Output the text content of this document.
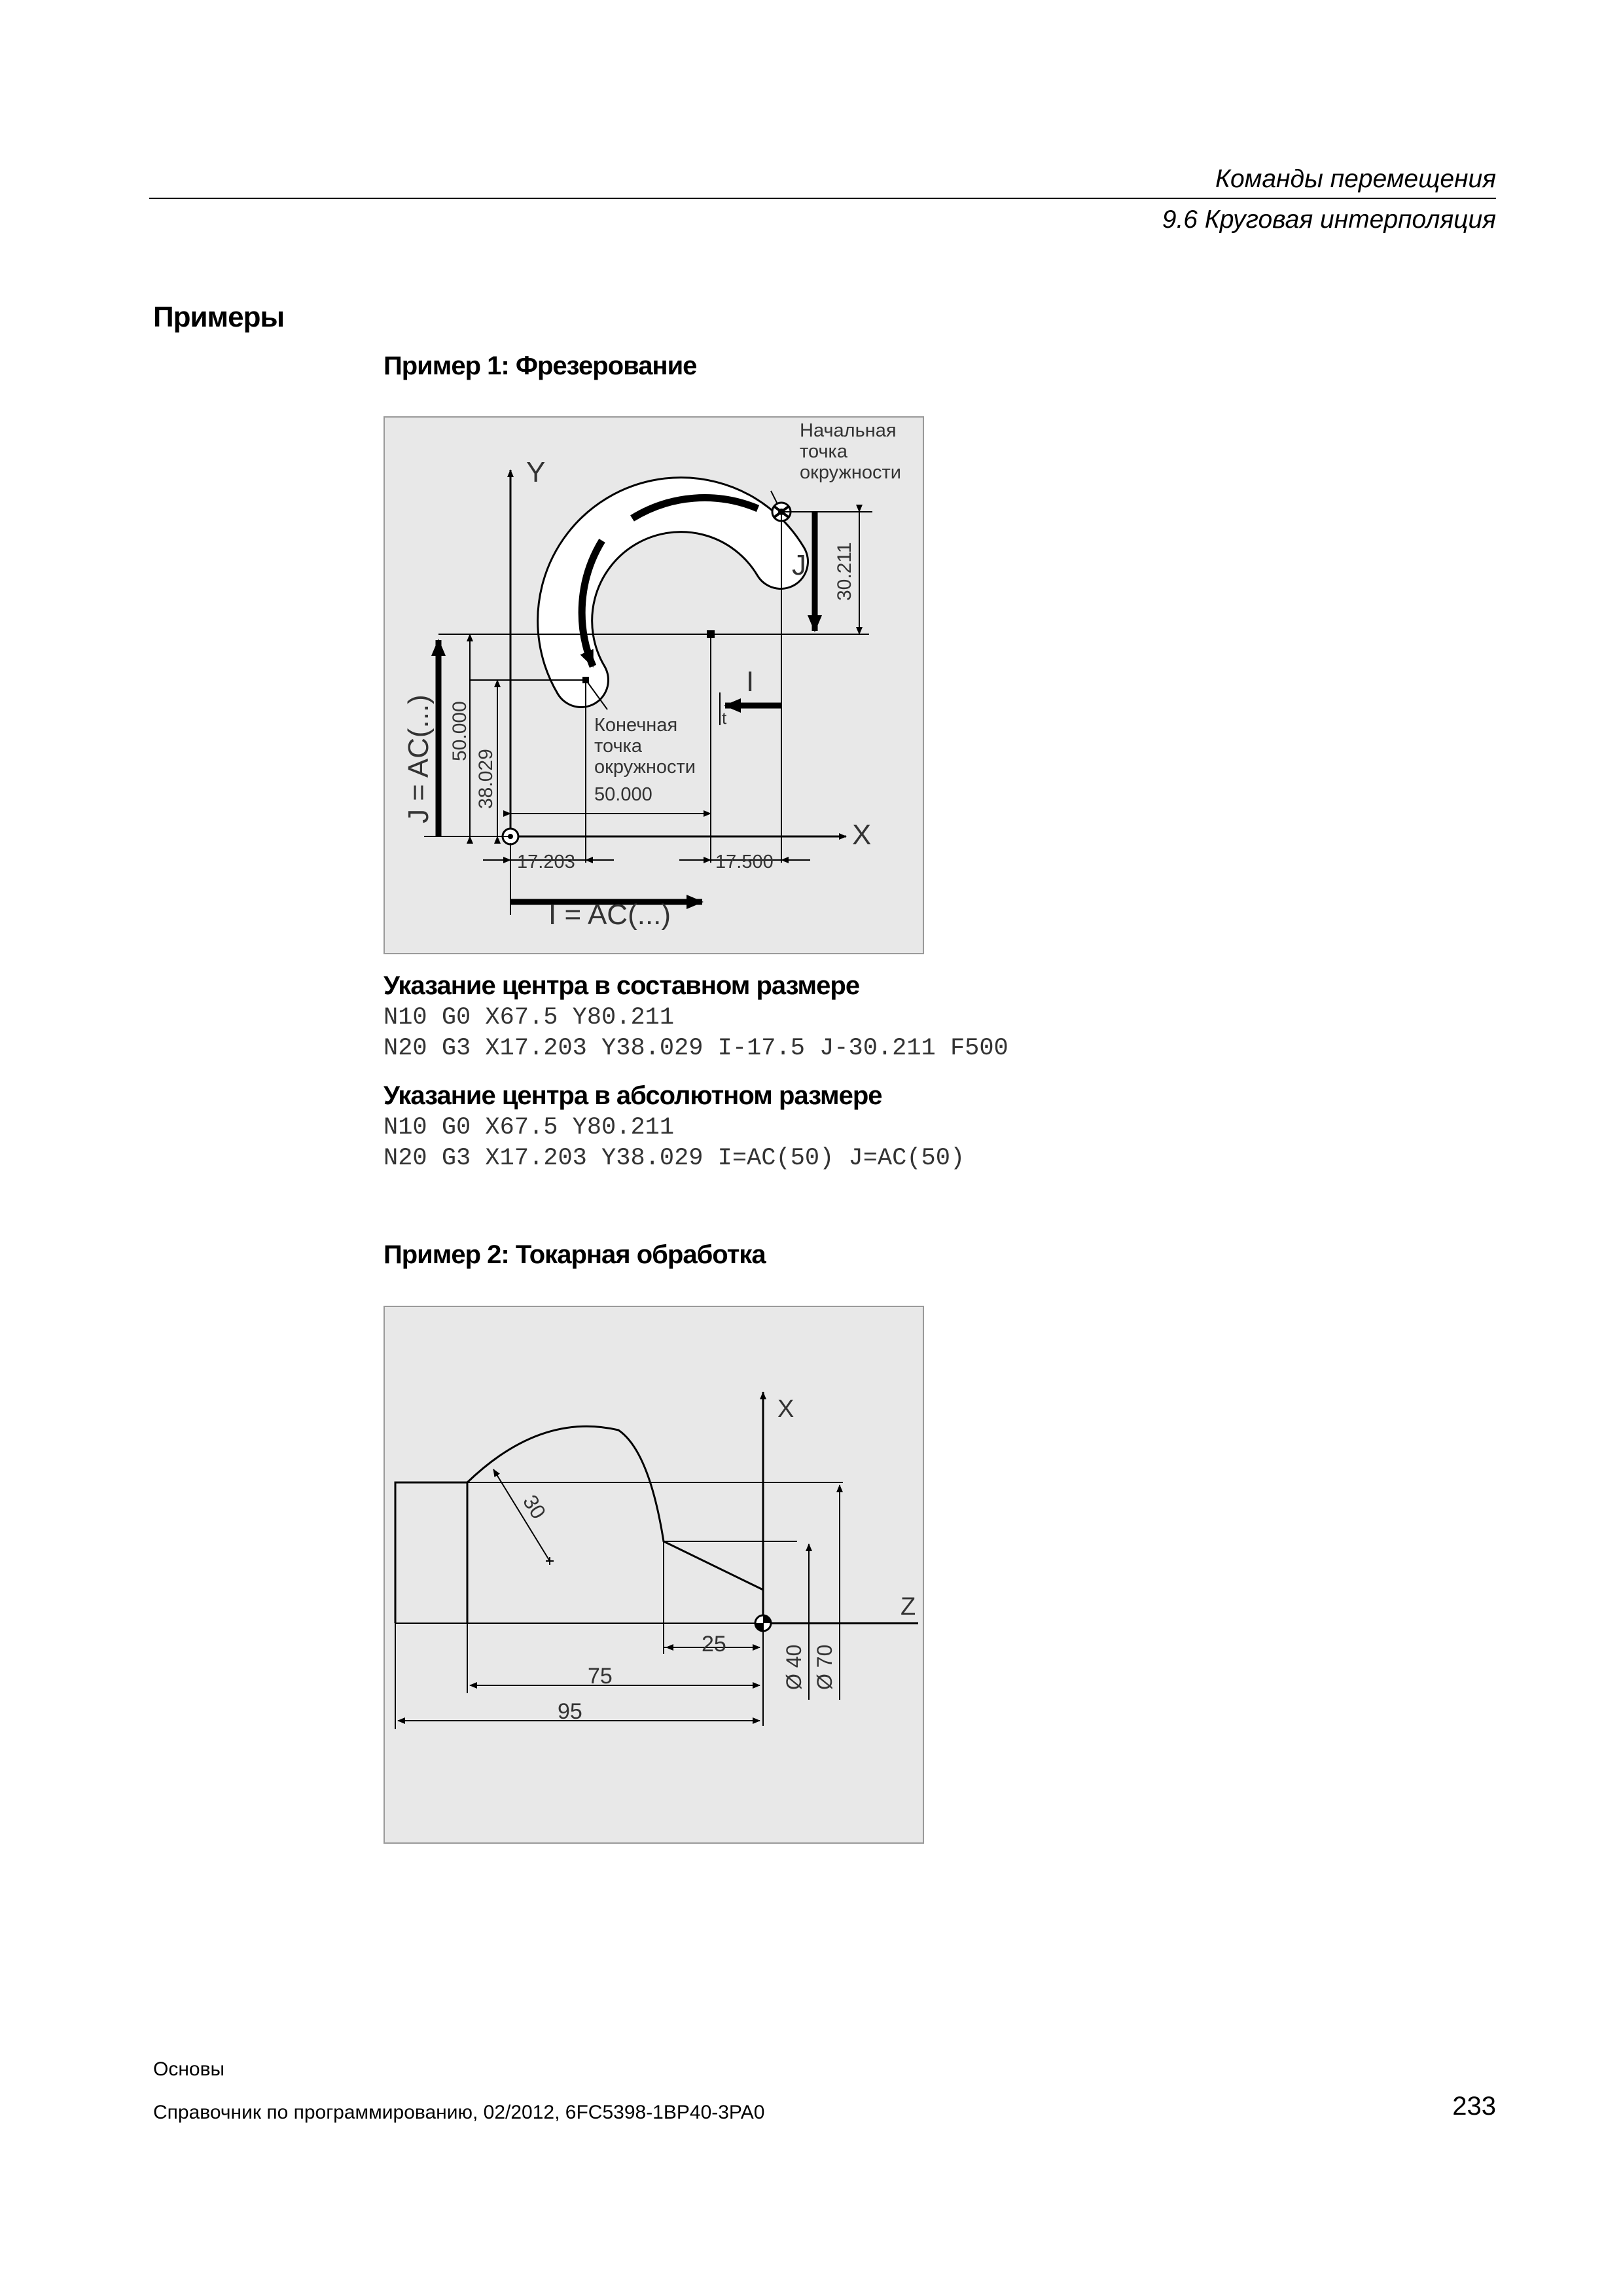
Команды перемещения
9.6 Круговая интерполяция
Примеры
Пример 1: Фрезерование
Начальная
точка
окружности
Y
X
J
I
t
30.211
50.000
38.029
J = AC(...)	Конечная
точка
окружности
50.000
17.203	17.500
I = AC(...)
Указание центра в составном размере
N10 G0 X67.5 Y80.211
N20 G3 X17.203 Y38.029 I-17.5 J-30.211 F500
Указание центра в абсолютном размере
N10 G0 X67.5 Y80.211
N20 G3 X17.203 Y38.029 I=AC(50) J=AC(50)
Пример 2: Токарная обработка
X
Z
30
25
75
95
Ø 40 Ø 70
Основы
Справочник по программированию, 02/2012, 6FC5398-1BP40-3PA0	233
